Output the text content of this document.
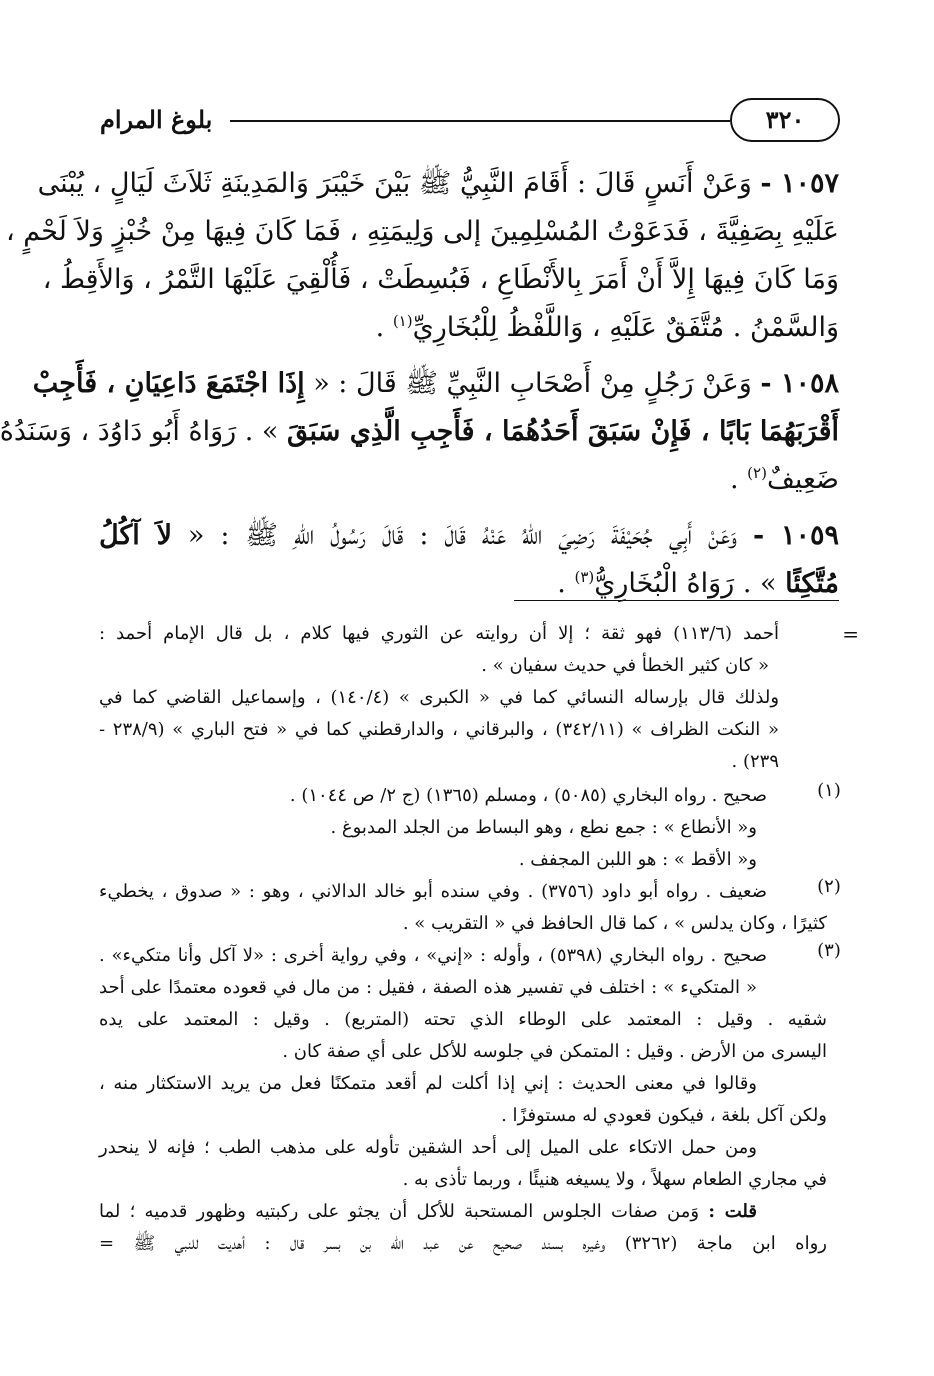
٣٢٠
بلوغ المرام
١٠٥٧ - وَعَنْ أَنَسٍ قَالَ : أَقَامَ النَّبِيُّ ﷺ بَيْنَ خَيْبَرَ وَالمَدِينَةِ ثَلاَثَ لَيَالٍ ، يُبْنَى
عَلَيْهِ بِصَفِيَّةَ ، فَدَعَوْتُ المُسْلِمِينَ إلى وَلِيمَتِهِ ، فَمَا كَانَ فِيهَا مِنْ خُبْزٍ وَلاَ لَحْمٍ ،
وَمَا كَانَ فِيهَا إِلاَّ أَنْ أَمَرَ بِالأَنْطَاعِ ، فَبُسِطَتْ ، فَأُلْقِيَ عَلَيْهَا التَّمْرُ ، وَالأَقِطُ ،
وَالسَّمْنُ . مُتَّفَقٌ عَلَيْهِ ، وَاللَّفْظُ لِلْبُخَارِيِّ$^{(١)}$ .
١٠٥٨ - وَعَنْ رَجُلٍ مِنْ أَصْحَابِ النَّبِيِّ ﷺ قَالَ : « إِذَا اجْتَمَعَ دَاعِيَانِ ، فَأَجِبْ
أَقْرَبَهُمَا بَابًا ، فَإِنْ سَبَقَ أَحَدُهُمَا ، فَأَجِبِ الَّذِي سَبَقَ » . رَوَاهُ أَبُو دَاوُدَ ، وَسَنَدُهُ
ضَعِيفٌ$^{(٢)}$ .
١٠٥٩ - وَعَنْ أَبِي جُحَيْفَةَ رَضِيَ اللهُ عَنْهُ قَالَ : قَالَ رَسُولُ اللهِ ﷺ : « لاَ آكُلُ
مُتَّكِئًا » . رَوَاهُ الْبُخَارِيُّ$^{(٣)}$ .
=
أحمد (١١٣/٦) فهو ثقة ؛ إلا أن روايته عن الثوري فيها كلام ، بل قال الإمام أحمد :
« كان كثير الخطأ في حديث سفيان » .
ولذلك قال بإرساله النسائي كما في « الكبرى » (١٤٠/٤) ، وإسماعيل القاضي كما في
« النكت الظراف » (٣٤٢/١١) ، والبرقاني ، والدارقطني كما في « فتح الباري » (٢٣٨/٩ -
٢٣٩) .
(١)
صحيح . رواه البخاري (٥٠٨٥) ، ومسلم (١٣٦٥) (ج ٢/ ص ١٠٤٤) .
و« الأنطاع » : جمع نطع ، وهو البساط من الجلد المدبوغ .
و« الأقط » : هو اللبن المجفف .
(٢)
ضعيف . رواه أبو داود (٣٧٥٦) . وفي سنده أبو خالد الدالاني ، وهو : « صدوق ، يخطيء
كثيرًا ، وكان يدلس » ، كما قال الحافظ في « التقريب » .
(٣)
صحيح . رواه البخاري (٥٣٩٨) ، وأوله : «إني» ، وفي رواية أخرى : «لا آكل وأنا متكيء» .
« المتكيء » : اختلف في تفسير هذه الصفة ، فقيل : من مال في قعوده معتمدًا على أحد
شقيه . وقيل : المعتمد على الوطاء الذي تحته (المتربع) . وقيل : المعتمد على يده
اليسرى من الأرض . وقيل : المتمكن في جلوسه للأكل على أي صفة كان .
وقالوا في معنى الحديث : إني إذا أكلت لم أقعد متمكنًا فعل من يريد الاستكثار منه ،
ولكن آكل بلغة ، فيكون قعودي له مستوفزًا .
ومن حمل الاتكاء على الميل إلى أحد الشقين تأوله على مذهب الطب ؛ فإنه لا ينحدر
في مجاري الطعام سهلاً ، ولا يسيغه هنيئًا ، وربما تأذى به .
قلت : وَمن صفات الجلوس المستحبة للأكل أن يجثو على ركبتيه وظهور قدميه ؛ لما
رواه ابن ماجة (٣٢٦٢) وغيره بسند صحيح عن عبد الله بن بسر قال : أهديت للنبي ﷺ =
